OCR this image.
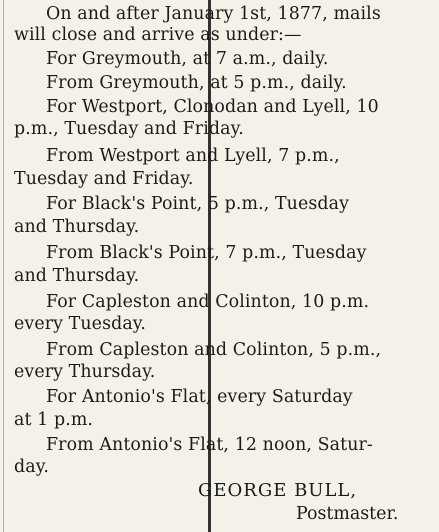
On and after January 1st, 1877, mails
will close and arrive as under:—
For Greymouth, at 7 a.m., daily.
From Greymouth, at 5 p.m., daily.
For Westport, Clonodan and Lyell, 10
p.m., Tuesday and Friday.
From Westport and Lyell, 7 p.m.,
Tuesday and Friday.
For Black's Point, 5 p.m., Tuesday
and Thursday.
From Black's Point, 7 p.m., Tuesday
and Thursday.
For Capleston and Colinton, 10 p.m.
every Tuesday.
From Capleston and Colinton, 5 p.m.,
every Thursday.
For Antonio's Flat, every Saturday
at 1 p.m.
From Antonio's Flat, 12 noon, Satur-
day.
GEORGE BULL,
Postmaster.
